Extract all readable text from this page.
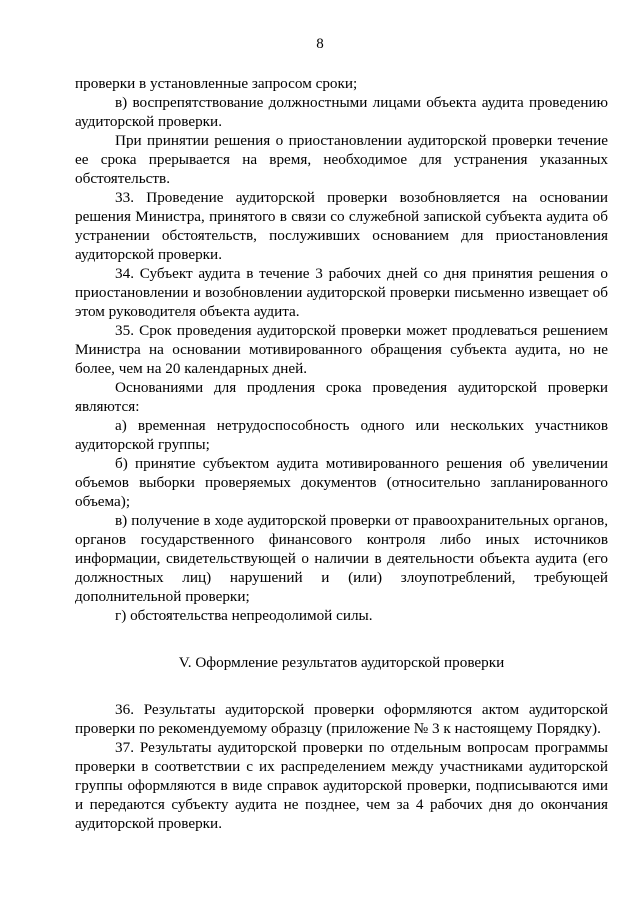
8

проверки в установленные запросом сроки;

в) воспрепятствование должностными лицами объекта аудита проведению аудиторской проверки.

При принятии решения о приостановлении аудиторской проверки течение ее срока прерывается на время, необходимое для устранения указанных обстоятельств.

33. Проведение аудиторской проверки возобновляется на основании решения Министра, принятого в связи со служебной запиской субъекта аудита об устранении обстоятельств, послуживших основанием для приостановления аудиторской проверки.

34. Субъект аудита в течение 3 рабочих дней со дня принятия решения о приостановлении и возобновлении аудиторской проверки письменно извещает об этом руководителя объекта аудита.

35. Срок проведения аудиторской проверки может продлеваться решением Министра на основании мотивированного обращения субъекта аудита, но не более, чем на 20 календарных дней.

Основаниями для продления срока проведения аудиторской проверки являются:

а) временная нетрудоспособность одного или нескольких участников аудиторской группы;

б) принятие субъектом аудита мотивированного решения об увеличении объемов выборки проверяемых документов (относительно запланированного объема);

в) получение в ходе аудиторской проверки от правоохранительных органов, органов государственного финансового контроля либо иных источников информации, свидетельствующей о наличии в деятельности объекта аудита (его должностных лиц) нарушений и (или) злоупотреблений, требующей дополнительной проверки;

г) обстоятельства непреодолимой силы.

V. Оформление результатов аудиторской проверки

36. Результаты аудиторской проверки оформляются актом аудиторской проверки по рекомендуемому образцу (приложение № 3 к настоящему Порядку).

37. Результаты аудиторской проверки по отдельным вопросам программы проверки в соответствии с их распределением между участниками аудиторской группы оформляются в виде справок аудиторской проверки, подписываются ими и передаются субъекту аудита не позднее, чем за 4 рабочих дня до окончания аудиторской проверки.
